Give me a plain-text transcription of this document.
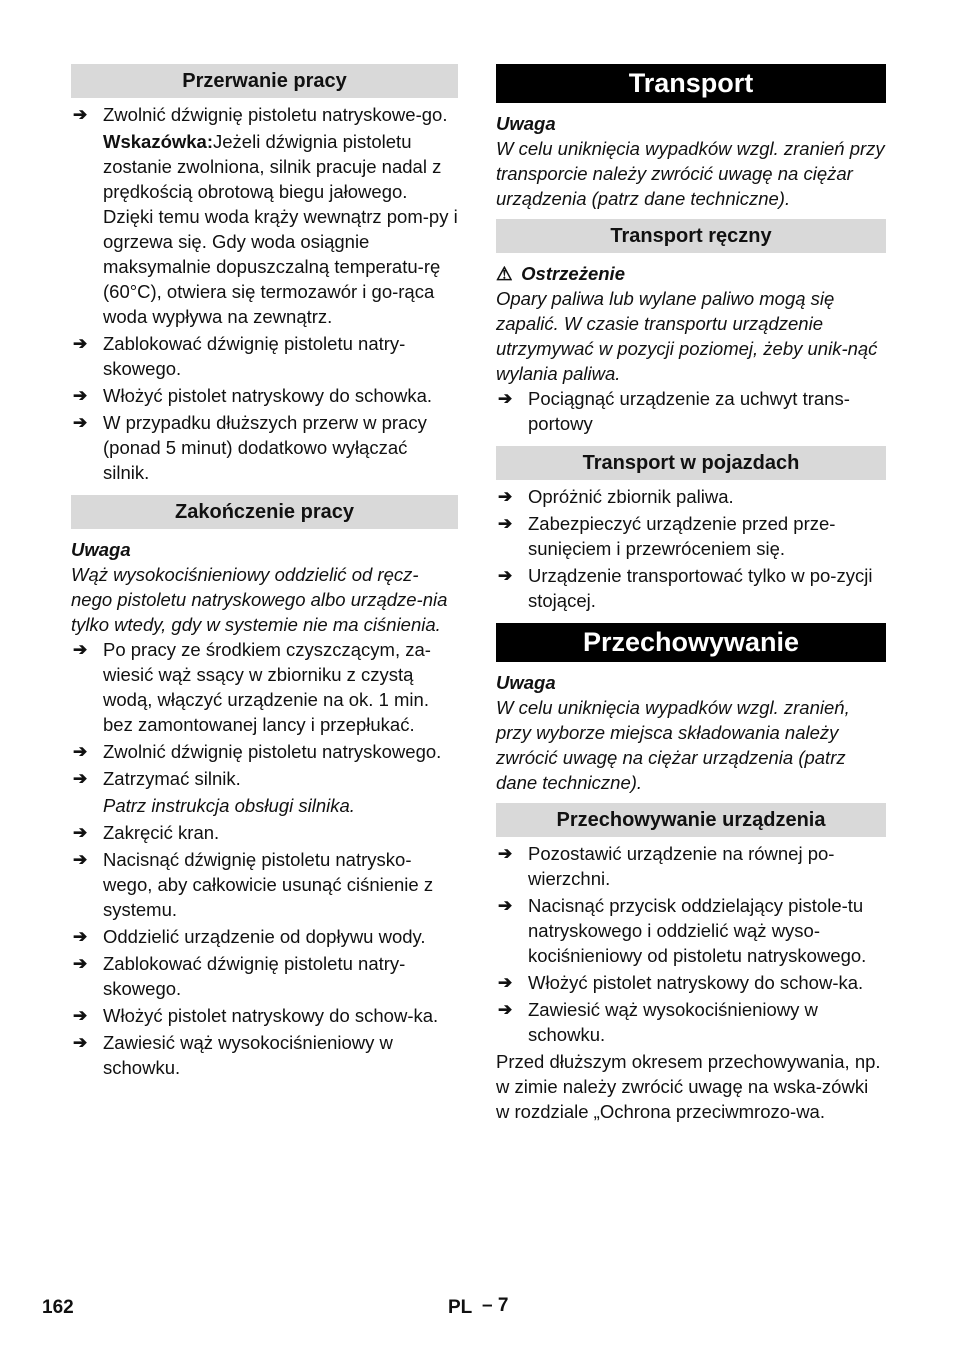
Przerwanie pracy
➔ Zwolnić dźwignię pistoletu natryskowe-go.
Wskazówka:Jeżeli dźwignia pistoletu zostanie zwolniona, silnik pracuje nadal z prędkością obrotową biegu jałowego. Dzięki temu woda krąży wewnątrz pom-py i ogrzewa się. Gdy woda osiągnie maksymalnie dopuszczalną temperatu-rę (60°C), otwiera się termozawór i go-rąca woda wypływa na zewnątrz.
➔ Zablokować dźwignię pistoletu natry-skowego.
➔ Włożyć pistolet natryskowy do schowka.
➔ W przypadku dłuższych przerw w pracy (ponad 5 minut) dodatkowo wyłączać silnik.
Zakończenie pracy
Uwaga
Wąż wysokociśnieniowy oddzielić od ręcz-nego pistoletu natryskowego albo urządze-nia tylko wtedy, gdy w systemie nie ma ciśnienia.
➔ Po pracy ze środkiem czyszczącym, za-wiesić wąż ssący w zbiorniku z czystą wodą, włączyć urządzenie na ok. 1 min. bez zamontowanej lancy i przepłukać.
➔ Zwolnić dźwignię pistoletu natryskowego.
➔ Zatrzymać silnik.
Patrz instrukcja obsługi silnika.
➔ Zakręcić kran.
➔ Nacisnąć dźwignię pistoletu natrysko-wego, aby całkowicie usunąć ciśnienie z systemu.
➔ Oddzielić urządzenie od dopływu wody.
➔ Zablokować dźwignię pistoletu natry-skowego.
➔ Włożyć pistolet natryskowy do schow-ka.
➔ Zawiesić wąż wysokociśnieniowy w schowku.
Transport
Uwaga
W celu uniknięcia wypadków wzgl. zranień przy transporcie należy zwrócić uwagę na ciężar urządzenia (patrz dane techniczne).
Transport ręczny
⚠ Ostrzeżenie
Opary paliwa lub wylane paliwo mogą się zapalić. W czasie transportu urządzenie utrzymywać w pozycji poziomej, żeby unik-nąć wylania paliwa.
➔ Pociągnąć urządzenie za uchwyt trans-portowy
Transport w pojazdach
➔ Opróżnić zbiornik paliwa.
➔ Zabezpieczyć urządzenie przed prze-sunięciem i przewróceniem się.
➔ Urządzenie transportować tylko w po-zycji stojącej.
Przechowywanie
Uwaga
W celu uniknięcia wypadków wzgl. zranień, przy wyborze miejsca składowania należy zwrócić uwagę na ciężar urządzenia (patrz dane techniczne).
Przechowywanie urządzenia
➔ Pozostawić urządzenie na równej po-wierzchni.
➔ Nacisnąć przycisk oddzielający pistole-tu natryskowego i oddzielić wąż wyso-kociśnieniowy od pistoletu natryskowego.
➔ Włożyć pistolet natryskowy do schow-ka.
➔ Zawiesić wąż wysokociśnieniowy w schowku.
Przed dłuższym okresem przechowywania, np. w zimie należy zwrócić uwagę na wska-zówki w rozdziale „Ochrona przeciwmrozo-wa.
162	PL – 7
